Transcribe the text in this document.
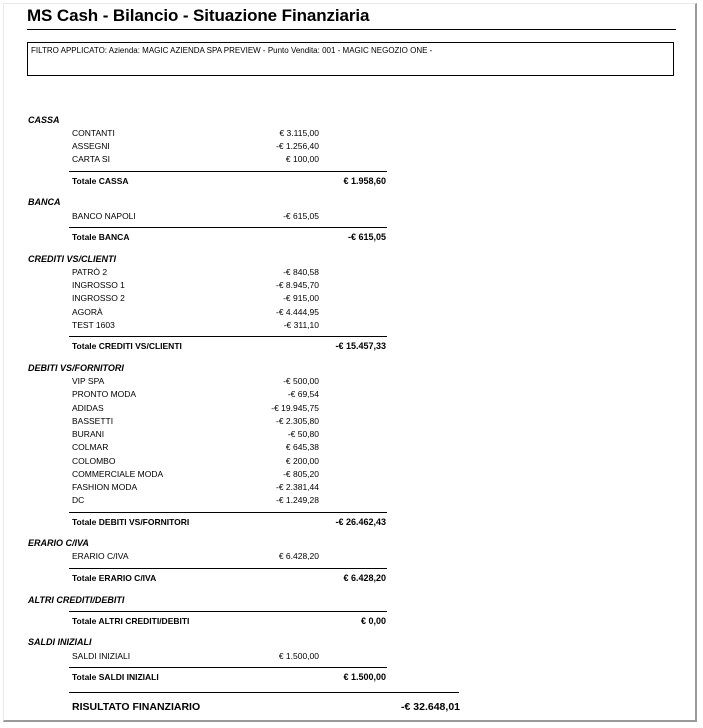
MS Cash - Bilancio - Situazione Finanziaria
FILTRO APPLICATO: Azienda: MAGIC AZIENDA SPA PREVIEW - Punto Vendita: 001 - MAGIC NEGOZIO ONE -
CASSA
CONTANTI	€ 3.115,00
ASSEGNI	-€ 1.256,40
CARTA SI	€ 100,00
Totale CASSA	€ 1.958,60
BANCA
BANCO NAPOLI	-€ 615,05
Totale BANCA	-€ 615,05
CREDITI VS/CLIENTI
PATRÒ 2	-€ 840,58
INGROSSO 1	-€ 8.945,70
INGROSSO 2	-€ 915,00
AGORÀ	-€ 4.444,95
TEST 1603	-€ 311,10
Totale CREDITI VS/CLIENTI	-€ 15.457,33
DEBITI VS/FORNITORI
VIP SPA	-€ 500,00
PRONTO MODA	-€ 69,54
ADIDAS	-€ 19.945,75
BASSETTI	-€ 2.305,80
BURANI	-€ 50,80
COLMAR	€ 645,38
COLOMBO	€ 200,00
COMMERCIALE MODA	-€ 805,20
FASHION MODA	-€ 2.381,44
DC	-€ 1.249,28
Totale DEBITI VS/FORNITORI	-€ 26.462,43
ERARIO C/IVA
ERARIO C/IVA	€ 6.428,20
Totale ERARIO C/IVA	€ 6.428,20
ALTRI CREDITI/DEBITI
Totale ALTRI CREDITI/DEBITI	€ 0,00
SALDI INIZIALI
SALDI INIZIALI	€ 1.500,00
Totale SALDI INIZIALI	€ 1.500,00
RISULTATO FINANZIARIO	-€ 32.648,01
